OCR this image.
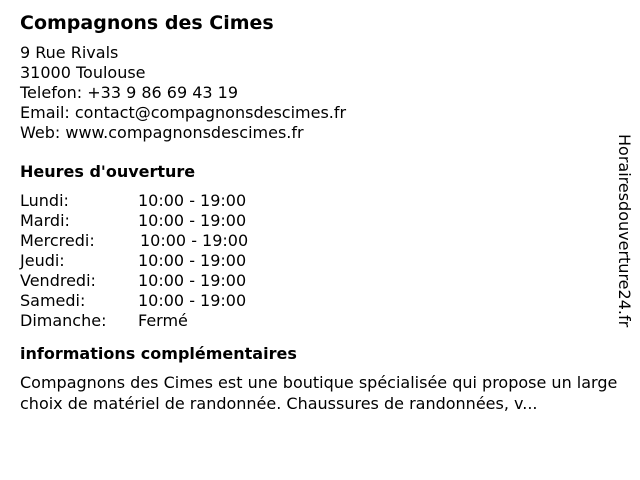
Compagnons des Cimes
9 Rue Rivals
31000 Toulouse
Telefon: +33 9 86 69 43 19
Email: contact@compagnonsdescimes.fr
Web: www.compagnonsdescimes.fr
Heures d'ouverture
Lundi:	10:00 - 19:00
Mardi:	10:00 - 19:00
Mercredi:	10:00 - 19:00
Jeudi:	10:00 - 19:00
Vendredi:	10:00 - 19:00
Samedi:	10:00 - 19:00
Dimanche:	Fermé
informations complémentaires
Compagnons des Cimes est une boutique spécialisée qui propose un large choix de matériel de randonnée. Chaussures de randonnées, v...
Horairesdouverture24.fr
